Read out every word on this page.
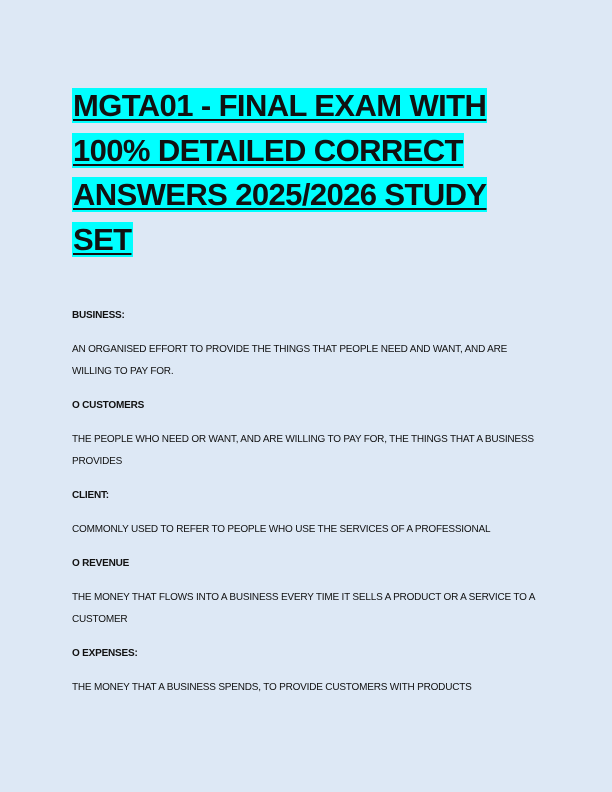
MGTA01 - FINAL EXAM WITH 100% DETAILED CORRECT ANSWERS 2025/2026 STUDY SET

BUSINESS:

AN ORGANISED EFFORT TO PROVIDE THE THINGS THAT PEOPLE NEED AND WANT, AND ARE WILLING TO PAY FOR.

O CUSTOMERS

THE PEOPLE WHO NEED OR WANT, AND ARE WILLING TO PAY FOR, THE THINGS THAT A BUSINESS PROVIDES

CLIENT:

COMMONLY USED TO REFER TO PEOPLE WHO USE THE SERVICES OF A PROFESSIONAL

O REVENUE

THE MONEY THAT FLOWS INTO A BUSINESS EVERY TIME IT SELLS A PRODUCT OR A SERVICE TO A CUSTOMER

O EXPENSES:

THE MONEY THAT A BUSINESS SPENDS, TO PROVIDE CUSTOMERS WITH PRODUCTS
